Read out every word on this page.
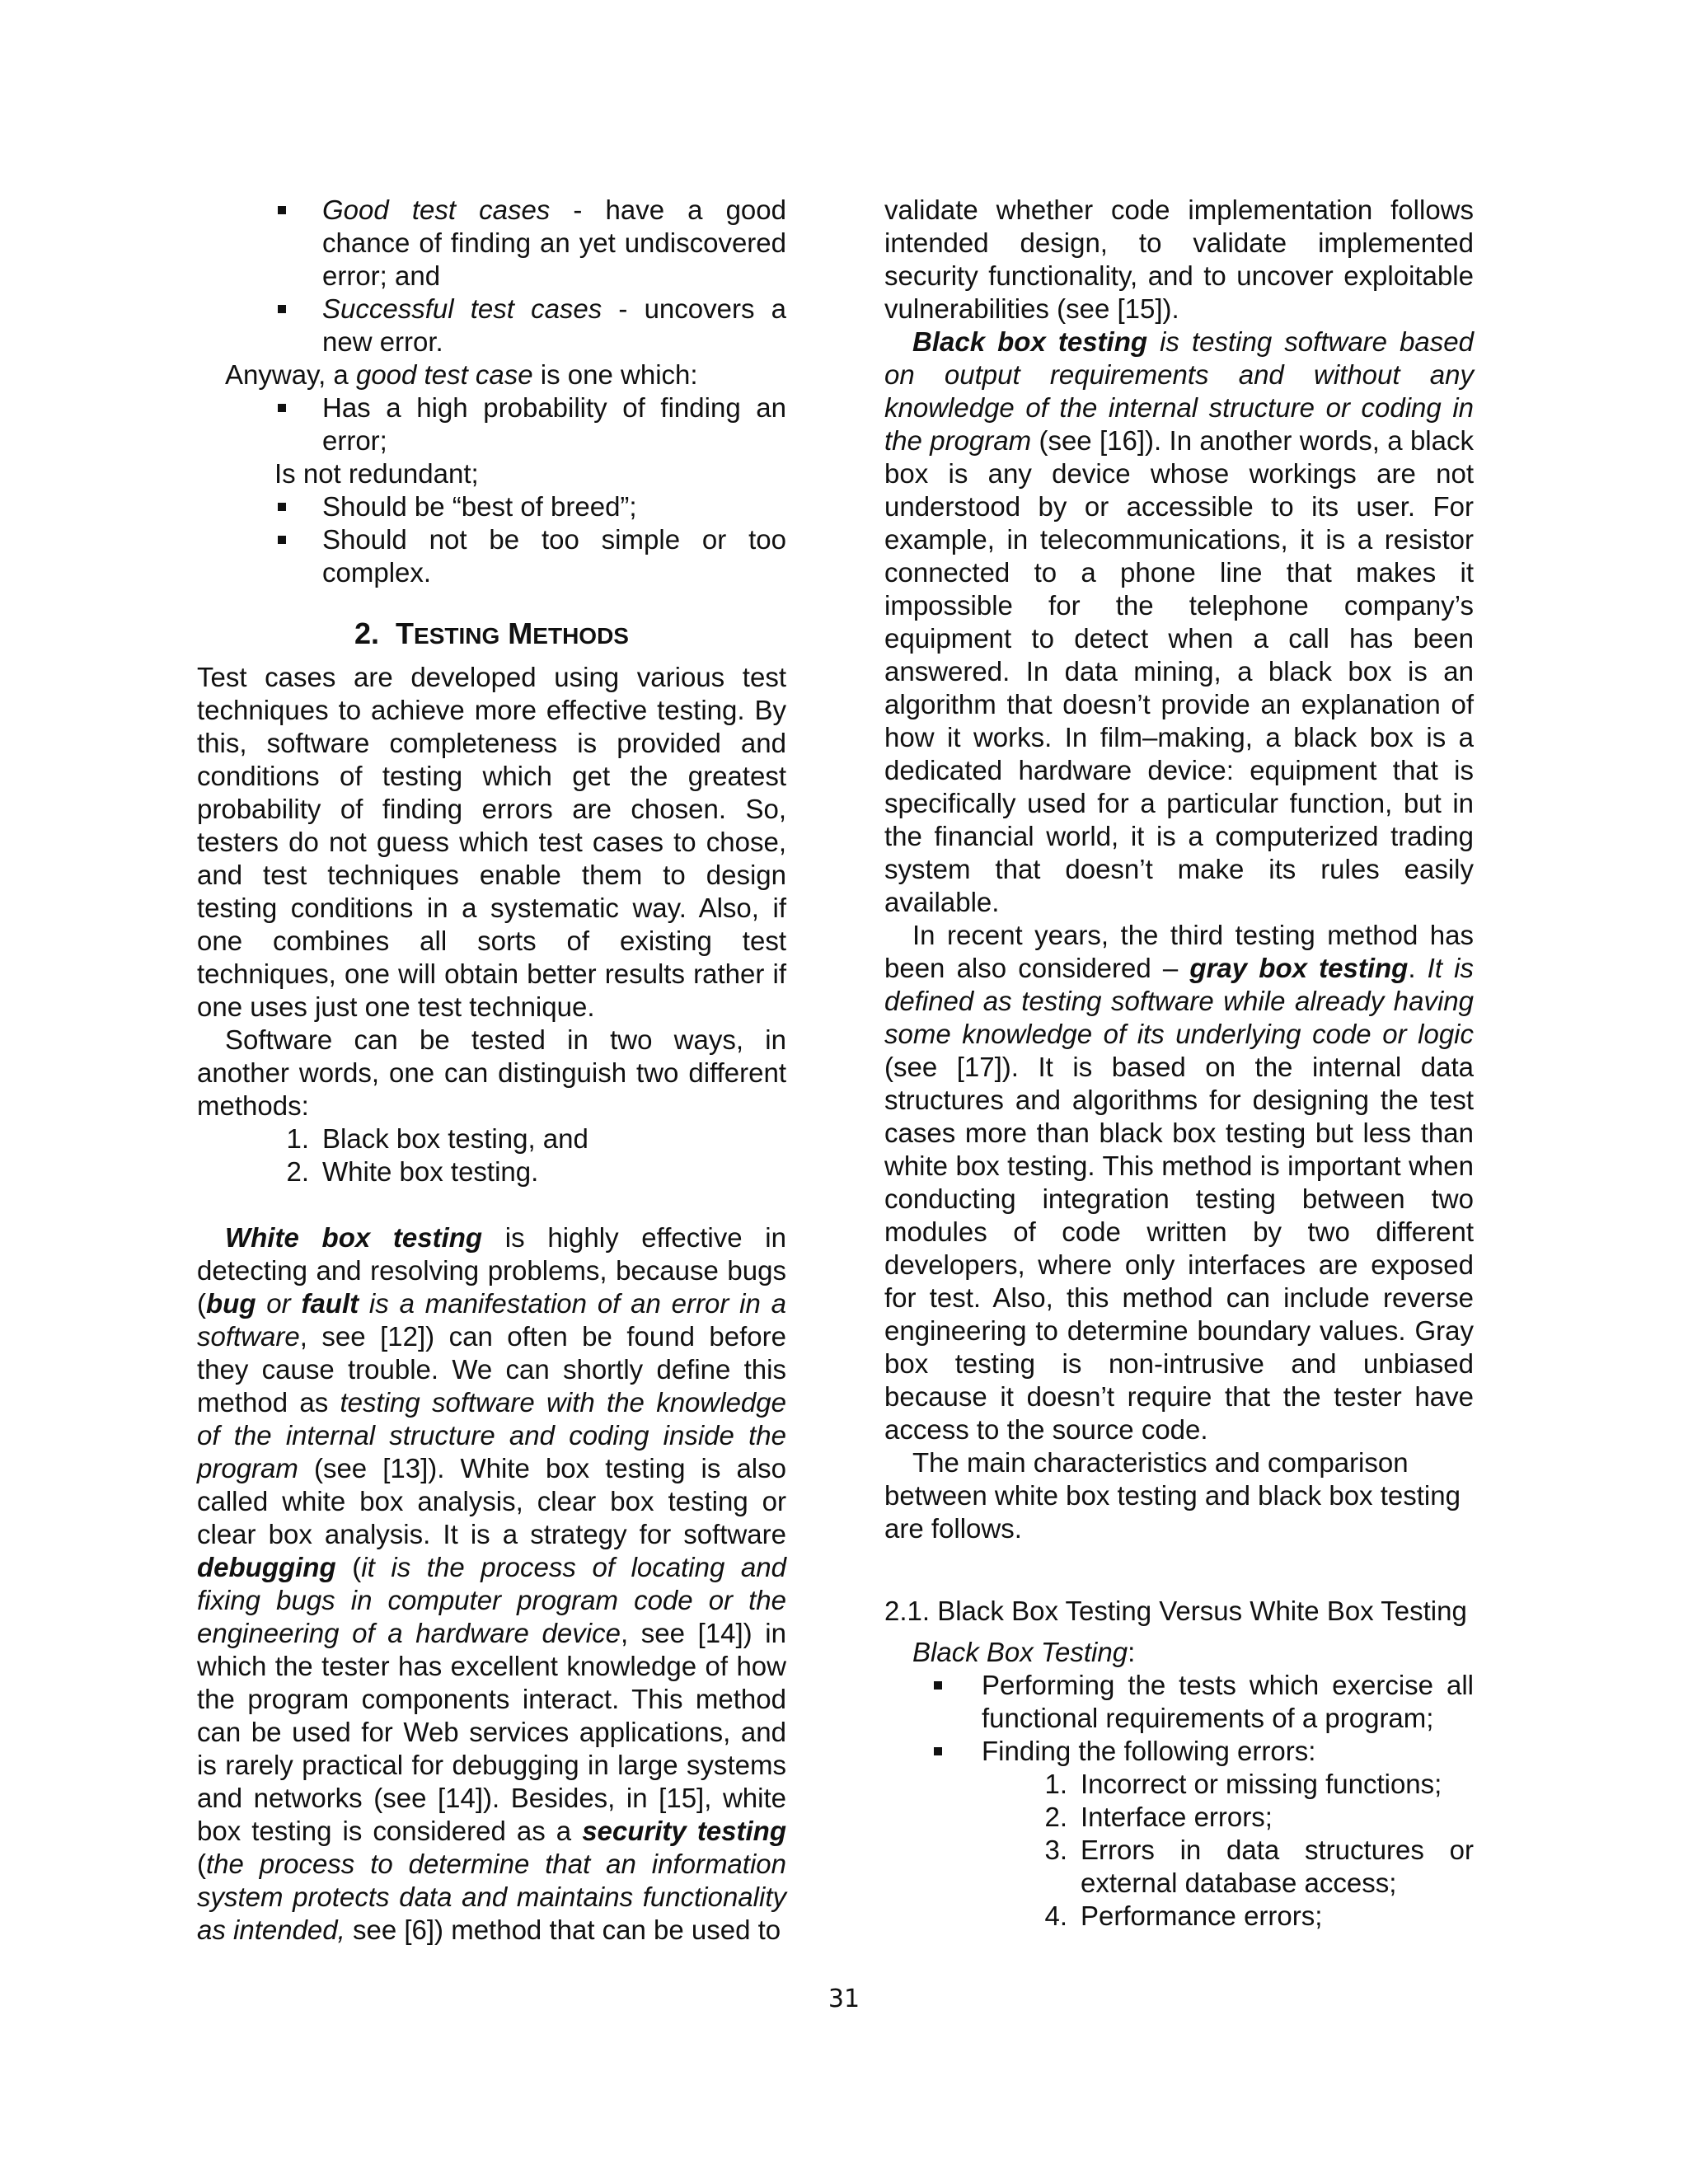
Good test cases - have a good chance of finding an yet undiscovered error; and
Successful test cases - uncovers a new error.

Anyway, a good test case is one which:

Has a high probability of finding an error;

Is not redundant;

Should be “best of breed”;
Should not be too simple or too complex.
2. TESTING METHODS

Test cases are developed using various test techniques to achieve more effective testing. By this, software completeness is provided and conditions of testing which get the greatest probability of finding errors are chosen. So, testers do not guess which test cases to chose, and test techniques enable them to design testing conditions in a systematic way. Also, if one combines all sorts of existing test techniques, one will obtain better results rather if one uses just one test technique.

Software can be tested in two ways, in another words, one can distinguish two different methods:

1. Black box testing, and
2. White box testing.

White box testing is highly effective in detecting and resolving problems, because bugs (bug or fault is a manifestation of an error in a software, see [12]) can often be found before they cause trouble. We can shortly define this method as testing software with the knowledge of the internal structure and coding inside the program (see [13]). White box testing is also called white box analysis, clear box testing or clear box analysis. It is a strategy for software debugging (it is the process of locating and fixing bugs in computer program code or the engineering of a hardware device, see [14]) in which the tester has excellent knowledge of how the program components interact. This method can be used for Web services applications, and is rarely practical for debugging in large systems and networks (see [14]). Besides, in [15], white box testing is considered as a security testing (the process to determine that an information system protects data and maintains functionality as intended, see [6]) method that can be used to

validate whether code implementation follows intended design, to validate implemented security functionality, and to uncover exploitable vulnerabilities (see [15]).

Black box testing is testing software based on output requirements and without any knowledge of the internal structure or coding in the program (see [16]). In another words, a black box is any device whose workings are not understood by or accessible to its user. For example, in telecommunications, it is a resistor connected to a phone line that makes it impossible for the telephone company’s equipment to detect when a call has been answered. In data mining, a black box is an algorithm that doesn’t provide an explanation of how it works. In film–making, a black box is a dedicated hardware device: equipment that is specifically used for a particular function, but in the financial world, it is a computerized trading system that doesn’t make its rules easily available.

In recent years, the third testing method has been also considered – gray box testing. It is defined as testing software while already having some knowledge of its underlying code or logic (see [17]). It is based on the internal data structures and algorithms for designing the test cases more than black box testing but less than white box testing. This method is important when conducting integration testing between two modules of code written by two different developers, where only interfaces are exposed for test. Also, this method can include reverse engineering to determine boundary values. Gray box testing is non-intrusive and unbiased because it doesn’t require that the tester have access to the source code.

The main characteristics and comparison between white box testing and black box testing are follows.

2.1. Black Box Testing Versus White Box Testing

Black Box Testing:

Performing the tests which exercise all functional requirements of a program;
Finding the following errors:
1. Incorrect or missing functions;
2. Interface errors;
3. Errors in data structures or external database access;
4. Performance errors;
31
